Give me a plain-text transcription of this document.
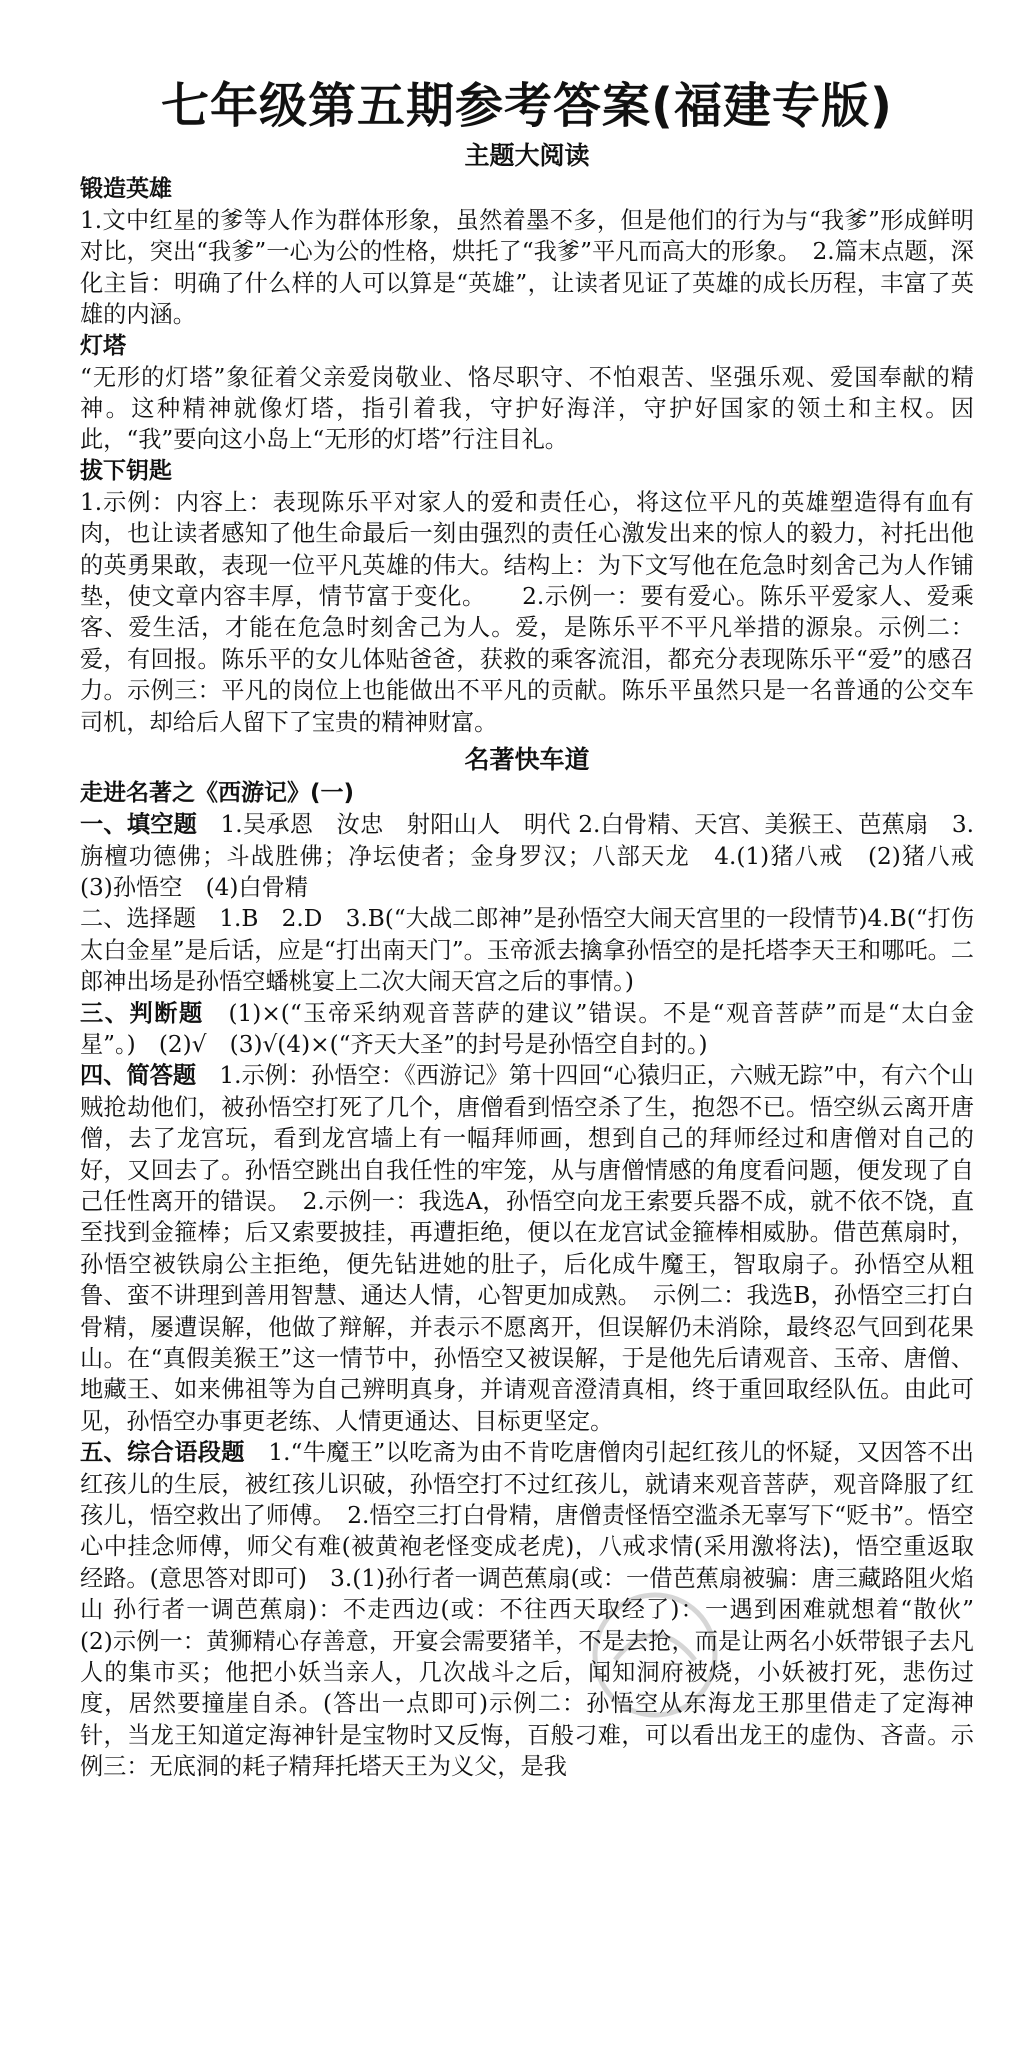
七年级第五期参考答案(福建专版)
主题大阅读
锻造英雄

1.文中红星的爹等人作为群体形象，虽然着墨不多，但是他们的行为与“我爹”形成鲜明对比，突出“我爹”一心为公的性格，烘托了“我爹”平凡而高大的形象。　2.篇末点题，深化主旨：明确了什么样的人可以算是“英雄”，让读者见证了英雄的成长历程，丰富了英雄的内涵。

灯塔

“无形的灯塔”象征着父亲爱岗敬业、恪尽职守、不怕艰苦、坚强乐观、爱国奉献的精神。这种精神就像灯塔，指引着我，守护好海洋，守护好国家的领土和主权。因此，“我”要向这小岛上“无形的灯塔”行注目礼。

拔下钥匙

1.示例：内容上：表现陈乐平对家人的爱和责任心，将这位平凡的英雄塑造得有血有肉，也让读者感知了他生命最后一刻由强烈的责任心激发出来的惊人的毅力，衬托出他的英勇果敢，表现一位平凡英雄的伟大。结构上：为下文写他在危急时刻舍己为人作铺垫，使文章内容丰厚，情节富于变化。　　2.示例一：要有爱心。陈乐平爱家人、爱乘客、爱生活，才能在危急时刻舍己为人。爱，是陈乐平不平凡举措的源泉。示例二：爱，有回报。陈乐平的女儿体贴爸爸，获救的乘客流泪，都充分表现陈乐平“爱”的感召力。示例三：平凡的岗位上也能做出不平凡的贡献。陈乐平虽然只是一名普通的公交车司机，却给后人留下了宝贵的精神财富。

名著快车道
走进名著之《西游记》(一)

一、填空题　1.吴承恩　汝忠　射阳山人　明代 2.白骨精、天宫、美猴王、芭蕉扇　3.旃檀功德佛；斗战胜佛；净坛使者；金身罗汉；八部天龙　4.(1)猪八戒　(2)猪八戒　(3)孙悟空　(4)白骨精

二、选择题　1.B　2.D　3.B(“大战二郎神”是孙悟空大闹天宫里的一段情节)4.B(“打伤太白金星”是后话，应是“打出南天门”。玉帝派去擒拿孙悟空的是托塔李天王和哪吒。二郎神出场是孙悟空蟠桃宴上二次大闹天宫之后的事情。)

三、判断题　(1)×(“玉帝采纳观音菩萨的建议”错误。不是“观音菩萨”而是“太白金星”。)　(2)√　(3)√(4)×(“齐天大圣”的封号是孙悟空自封的。)

四、简答题　1.示例：孙悟空：《西游记》第十四回“心猿归正，六贼无踪”中，有六个山贼抢劫他们，被孙悟空打死了几个，唐僧看到悟空杀了生，抱怨不已。悟空纵云离开唐僧，去了龙宫玩，看到龙宫墙上有一幅拜师画，想到自己的拜师经过和唐僧对自己的好，又回去了。孙悟空跳出自我任性的牢笼，从与唐僧情感的角度看问题，便发现了自己任性离开的错误。　2.示例一：我选A，孙悟空向龙王索要兵器不成，就不依不饶，直至找到金箍棒；后又索要披挂，再遭拒绝，便以在龙宫试金箍棒相威胁。借芭蕉扇时，孙悟空被铁扇公主拒绝，便先钻进她的肚子，后化成牛魔王，智取扇子。孙悟空从粗鲁、蛮不讲理到善用智慧、通达人情，心智更加成熟。　示例二：我选B，孙悟空三打白骨精，屡遭误解，他做了辩解，并表示不愿离开，但误解仍未消除，最终忍气回到花果山。在“真假美猴王”这一情节中，孙悟空又被误解，于是他先后请观音、玉帝、唐僧、地藏王、如来佛祖等为自己辨明真身，并请观音澄清真相，终于重回取经队伍。由此可见，孙悟空办事更老练、人情更通达、目标更坚定。

五、综合语段题　1.“牛魔王”以吃斋为由不肯吃唐僧肉引起红孩儿的怀疑，又因答不出红孩儿的生辰，被红孩儿识破，孙悟空打不过红孩儿，就请来观音菩萨，观音降服了红孩儿，悟空救出了师傅。　2.悟空三打白骨精，唐僧责怪悟空滥杀无辜写下“贬书”。悟空心中挂念师傅，师父有难(被黄袍老怪变成老虎)，八戒求情(采用激将法)，悟空重返取经路。(意思答对即可)　3.(1)孙行者一调芭蕉扇(或：一借芭蕉扇被骗：唐三藏路阻火焰山 孙行者一调芭蕉扇)：不走西边(或：不往西天取经了)：一遇到困难就想着“散伙”　(2)示例一：黄狮精心存善意，开宴会需要猪羊，不是去抢，而是让两名小妖带银子去凡人的集市买；他把小妖当亲人，几次战斗之后，闻知洞府被烧，小妖被打死，悲伤过度，居然要撞崖自杀。(答出一点即可)示例二：孙悟空从东海龙王那里借走了定海神针，当龙王知道定海神针是宝物时又反悔，百般刁难，可以看出龙王的虚伪、吝啬。示例三：无底洞的耗子精拜托塔天王为义父，是我
